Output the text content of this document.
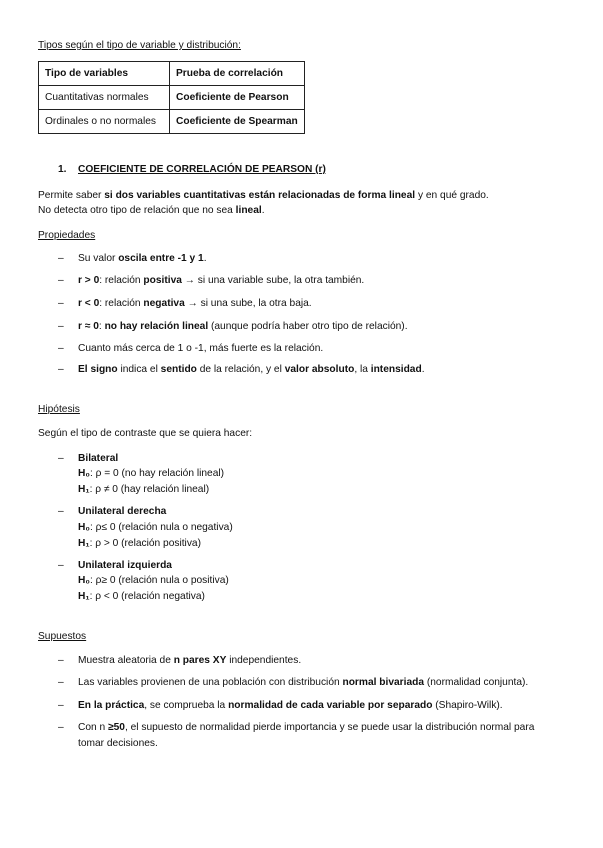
Tipos según el tipo de variable y distribución:
Tipo de variables	Prueba de correlación
Cuantitativas normales	Coeficiente de Pearson
Ordinales o no normales	Coeficiente de Spearman
1. COEFICIENTE DE CORRELACIÓN DE PEARSON (r)
Permite saber si dos variables cuantitativas están relacionadas de forma lineal y en qué grado.
No detecta otro tipo de relación que no sea lineal.
Propiedades
– Su valor oscila entre -1 y 1.
– r > 0: relación positiva → si una variable sube, la otra también.
– r < 0: relación negativa → si una sube, la otra baja.
– r ≈ 0: no hay relación lineal (aunque podría haber otro tipo de relación).
– Cuanto más cerca de 1 o -1, más fuerte es la relación.
– El signo indica el sentido de la relación, y el valor absoluto, la intensidad.
Hipótesis
Según el tipo de contraste que se quiera hacer:
– Bilateral
H₀: ρ = 0 (no hay relación lineal)
H₁: ρ ≠ 0 (hay relación lineal)
– Unilateral derecha
H₀: ρ≤ 0 (relación nula o negativa)
H₁: ρ > 0 (relación positiva)
– Unilateral izquierda
H₀: ρ≥ 0 (relación nula o positiva)
H₁: ρ < 0 (relación negativa)
Supuestos
– Muestra aleatoria de n pares XY independientes.
– Las variables provienen de una población con distribución normal bivariada (normalidad conjunta).
– En la práctica, se comprueba la normalidad de cada variable por separado (Shapiro-Wilk).
– Con n ≥50, el supuesto de normalidad pierde importancia y se puede usar la distribución normal para
tomar decisiones.
